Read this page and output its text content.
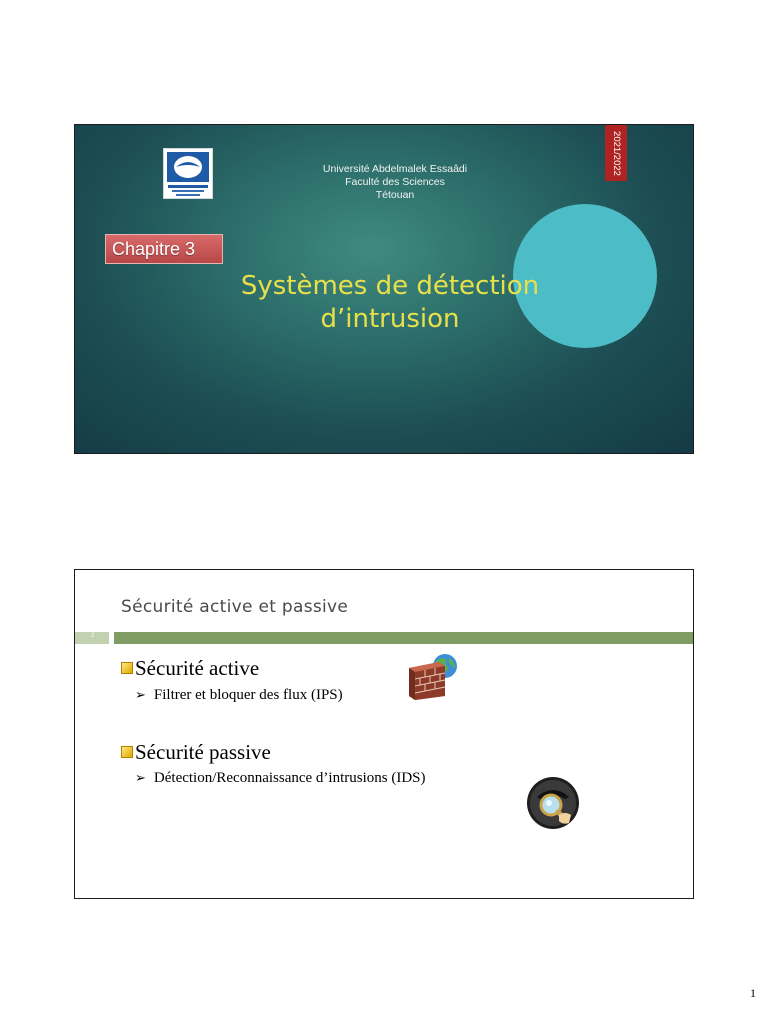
Université Abdelmalek Essaâdi
Faculté des Sciences
Tétouan
2021/2022
Chapitre 3
Systèmes de détection
d’intrusion
Sécurité active et passive
2
Sécurité active
➢ Filtrer et bloquer des flux (IPS)
Sécurité passive
➢ Détection/Reconnaissance d’intrusions (IDS)
1
